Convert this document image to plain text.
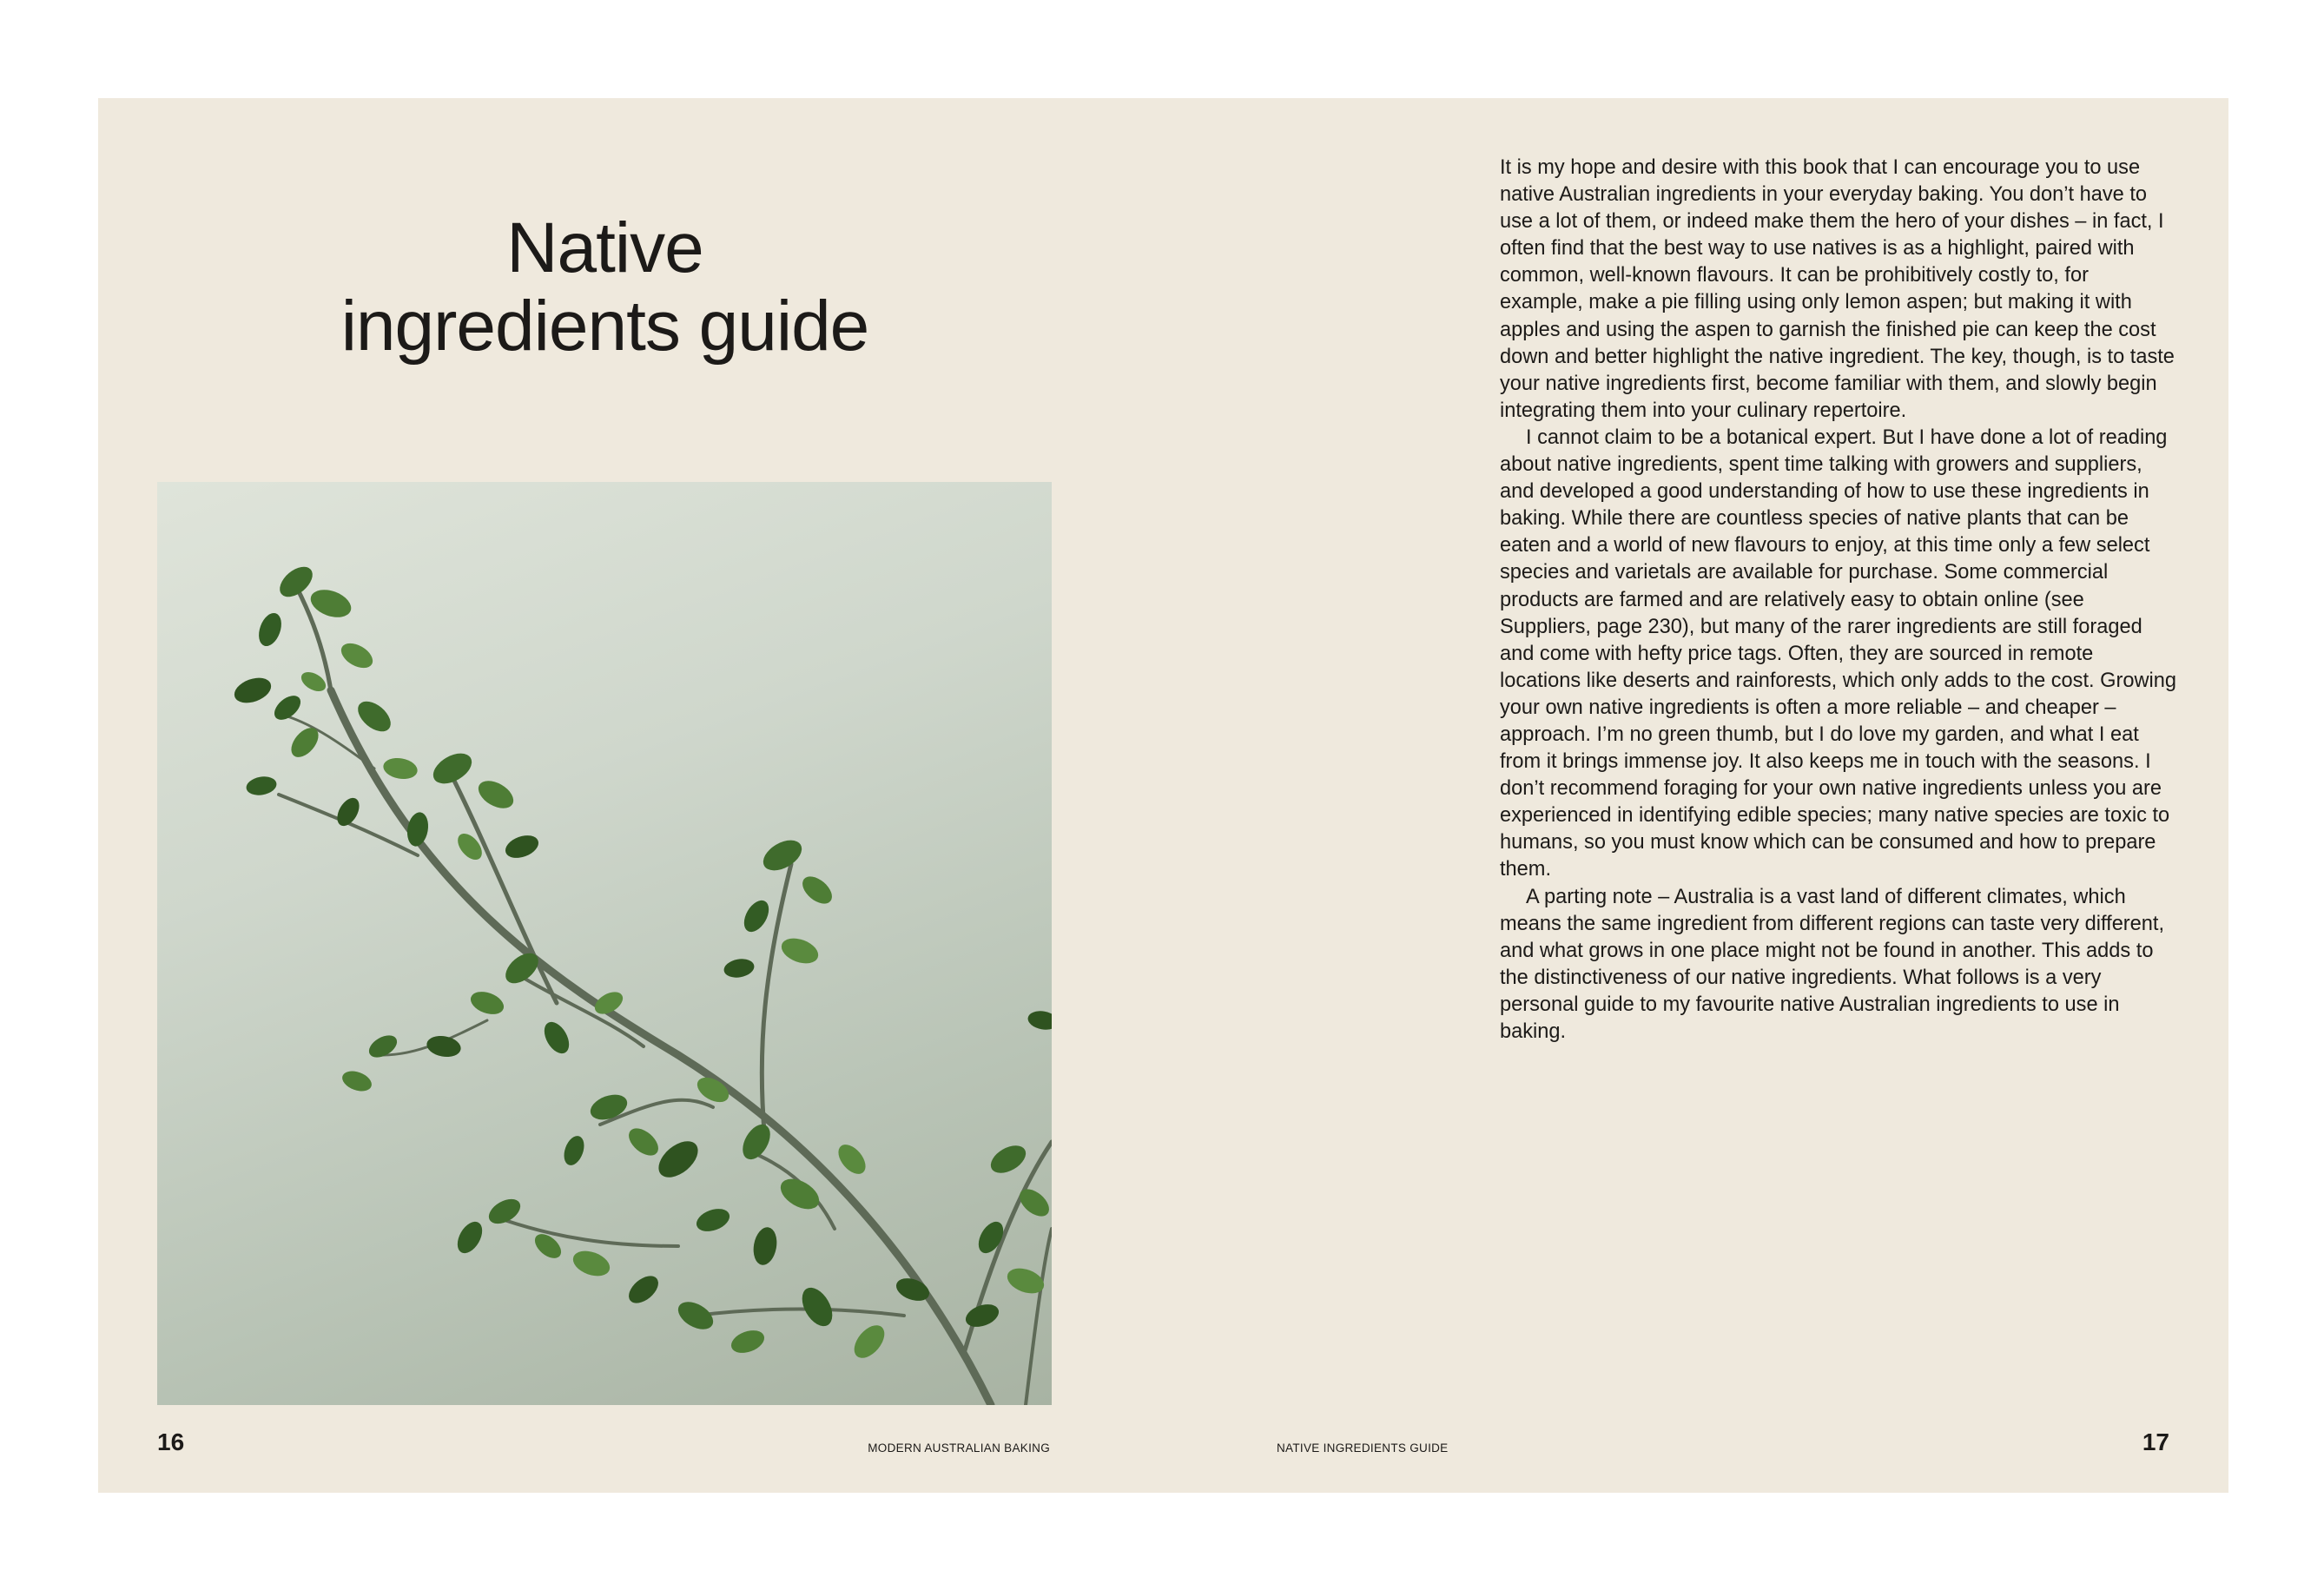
Native
ingredients guide

It is my hope and desire with this book that I can encourage you to use native Australian ingredients in your everyday baking. You don’t have to use a lot of them, or indeed make them the hero of your dishes – in fact, I often find that the best way to use natives is as a highlight, paired with common, well-known flavours. It can be prohibitively costly to, for example, make a pie filling using only lemon aspen; but making it with apples and using the aspen to garnish the finished pie can keep the cost down and better highlight the native ingredient. The key, though, is to taste your native ingredients first, become familiar with them, and slowly begin integrating them into your culinary repertoire.

I cannot claim to be a botanical expert. But I have done a lot of reading about native ingredients, spent time talking with growers and suppliers, and developed a good understanding of how to use these ingredients in baking. While there are countless species of native plants that can be eaten and a world of new flavours to enjoy, at this time only a few select species and varietals are available for purchase. Some commercial products are farmed and are relatively easy to obtain online (see Suppliers, page 230), but many of the rarer ingredients are still foraged and come with hefty price tags. Often, they are sourced in remote locations like deserts and rainforests, which only adds to the cost. Growing your own native ingredients is often a more reliable – and cheaper – approach. I’m no green thumb, but I do love my garden, and what I eat from it brings immense joy. It also keeps me in touch with the seasons. I don’t recommend foraging for your own native ingredients unless you are experienced in identifying edible species; many native species are toxic to humans, so you must know which can be consumed and how to prepare them.

A parting note – Australia is a vast land of different climates, which means the same ingredient from different regions can taste very different, and what grows in one place might not be found in another. This adds to the distinctiveness of our native ingredients. What follows is a very personal guide to my favourite native Australian ingredients to use in baking.

16	MODERN AUSTRALIAN BAKING	NATIVE INGREDIENTS GUIDE	17
